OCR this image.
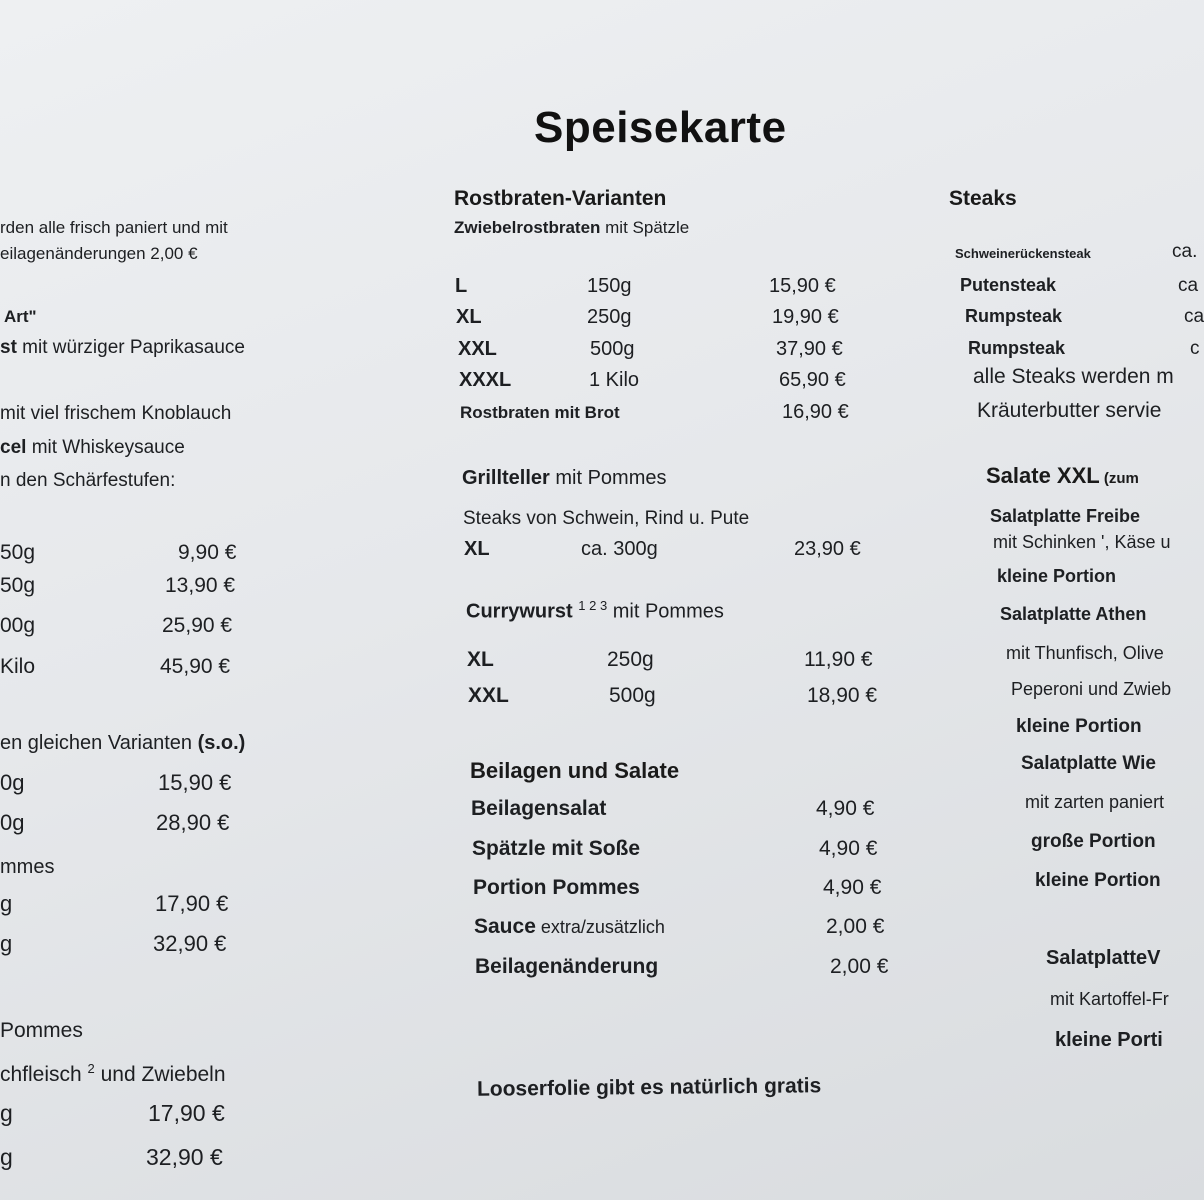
Speisekarte
rden alle frisch paniert und mit
eilagenänderungen 2,00 €
Art"
st mit würziger Paprikasauce
mit viel frischem Knoblauch
cel mit Whiskeysauce
n den Schärfestufen:
50g	9,90 €
50g	13,90 €
00g	25,90 €
Kilo	45,90 €
en gleichen Varianten (s.o.)
0g	15,90 €
0g	28,90 €
mmes
g	17,90 €
g	32,90 €
Pommes
chfleisch $^2$ und Zwiebeln
g	17,90 €
g	32,90 €
Rostbraten-Varianten
Zwiebelrostbraten mit Spätzle
L	150g	15,90 €
XL	250g	19,90 €
XXL	500g	37,90 €
XXXL	1 Kilo	65,90 €
Rostbraten mit Brot	16,90 €
Grillteller mit Pommes
Steaks von Schwein, Rind u. Pute
XL	ca. 300g	23,90 €
Currywurst $^{1 2 3}$ mit Pommes
XL	250g	11,90 €
XXL	500g	18,90 €
Beilagen und Salate
Beilagensalat	4,90 €
Spätzle mit Soße	4,90 €
Portion Pommes	4,90 €
Sauce extra/zusätzlich	2,00 €
Beilagenänderung	2,00 €
Looserfolie gibt es natürlich gratis
Steaks
Schweinerückensteak	ca.
Putensteak	ca
Rumpsteak	ca
Rumpsteak	c
alle Steaks werden m
Kräuterbutter servie
Salate XXL (zum
Salatplatte Freibe
mit Schinken ', Käse u
kleine Portion
Salatplatte Athen
mit Thunfisch, Olive
Peperoni und Zwieb
kleine Portion
Salatplatte Wie
mit zarten paniert
große Portion
kleine Portion
SalatplatteV
mit Kartoffel-Fr
kleine Porti
